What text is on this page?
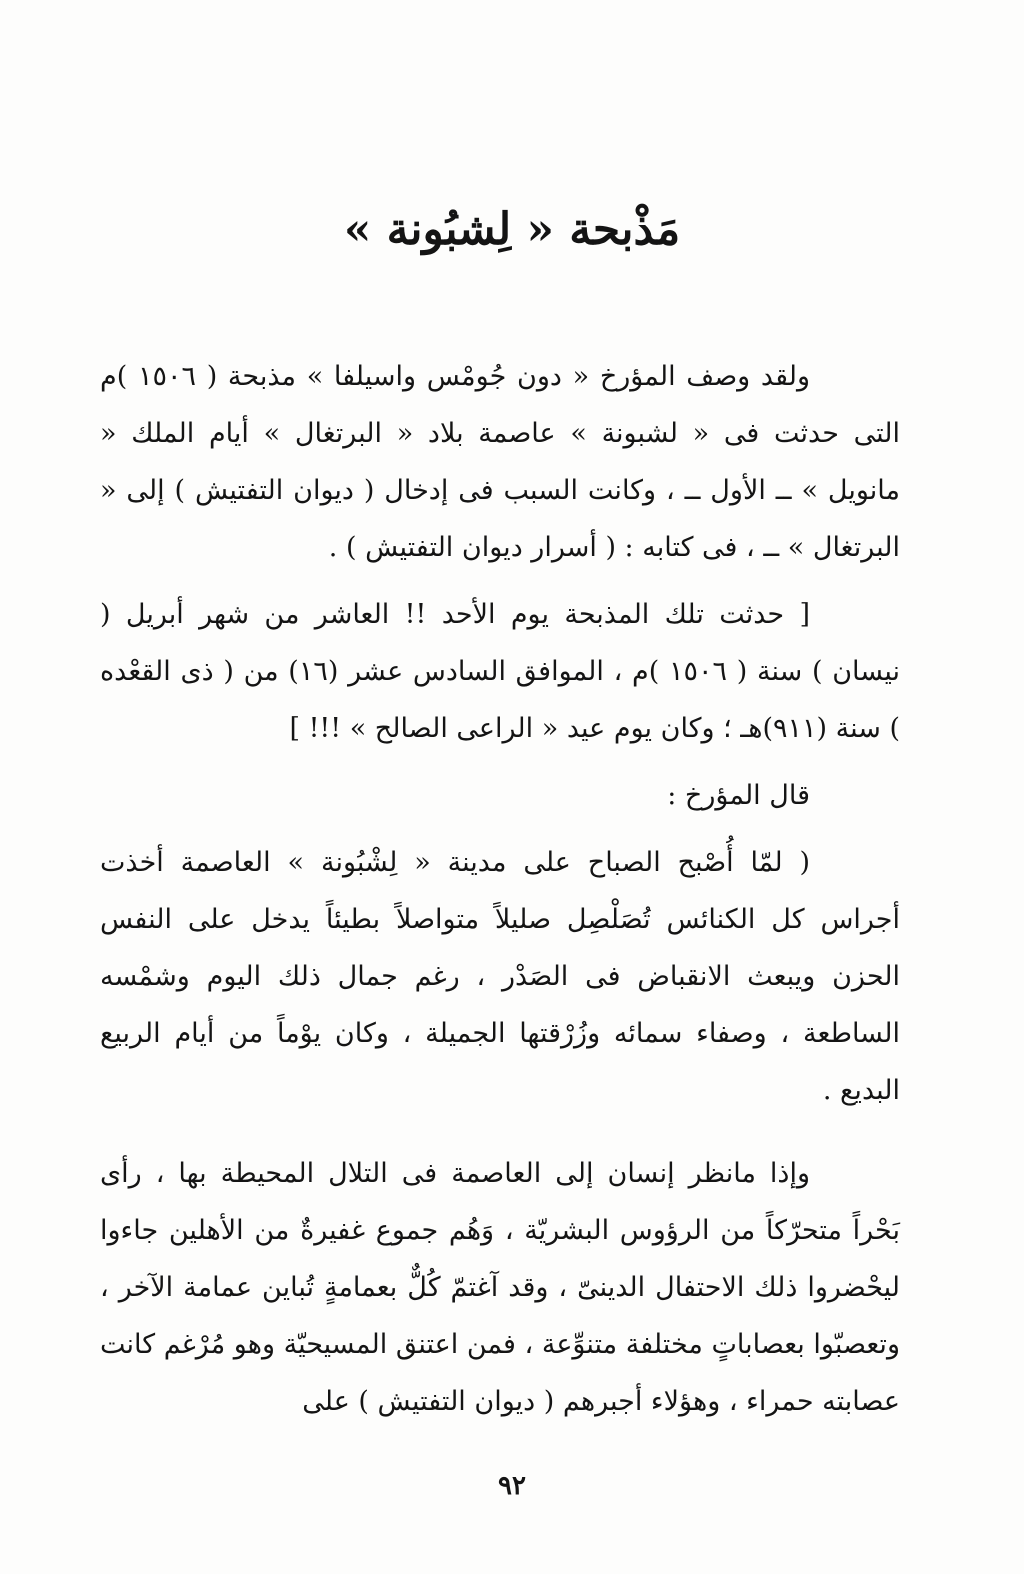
مَذْبحة « لِشبُونة »

ولقد وصف المؤرخ « دون جُومْس واسيلفا » مذبحة ( ١٥٠٦ )م التى حدثت فى « لشبونة » عاصمة بلاد « البرتغال » أيام الملك « مانويل » ــ الأول ــ ، وكانت السبب فى إدخال ( ديوان التفتيش ) إلى « البرتغال » ــ ، فى كتابه : ( أسرار ديوان التفتيش ) .

[ حدثت تلك المذبحة يوم الأحد !! العاشر من شهر أبريل ( نيسان ) سنة ( ١٥٠٦ )م ، الموافق السادس عشر (١٦) من ( ذى القعْده ) سنة (٩١١)هـ ؛ وكان يوم عيد « الراعى الصالح » !!! ]

قال المؤرخ :

( لمّا أُصْبح الصباح على مدينة « لِشْبُونة » العاصمة أخذت أجراس كل الكنائس تُصَلْصِل صليلاً متواصلاً بطيئاً يدخل على النفس الحزن ويبعث الانقباض فى الصَدْر ، رغم جمال ذلك اليوم وشمْسه الساطعة ، وصفاء سمائه وزُرْقتها الجميلة ، وكان يوْماً من أيام الربيع البديع .

وإذا مانظر إنسان إلى العاصمة فى التلال المحيطة بها ، رأى بَحْراً متحرّكاً من الرؤوس البشريّة ، وَهُم جموع غفيرةٌ من الأهلين جاءوا ليحْضروا ذلك الاحتفال الدينىّ ، وقد آغتمّ كُلٌّ بعمامةٍ تُباين عمامة الآخر ، وتعصبّوا بعصاباتٍ مختلفة متنوِّعة ، فمن اعتنق المسيحيّة وهو مُرْغم كانت عصابته حمراء ، وهؤلاء أجبرهم ( ديوان التفتيش ) على

٩٢
